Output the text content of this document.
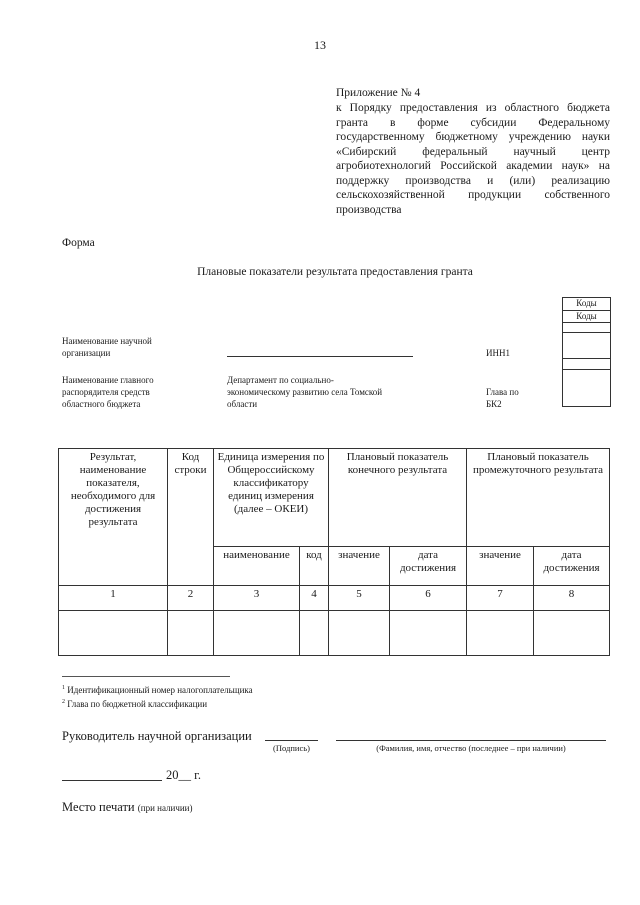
13
Приложение № 4
к Порядку предоставления из областного бюджета гранта в форме субсидии Федеральному государственному бюджетному учреждению науки «Сибирский федеральный научный центр агробиотехнологий Российской академии наук» на поддержку производства и (или) реализацию сельскохозяйственной продукции собственного производства
Форма
Плановые показатели результата предоставления гранта
Коды
Коды
Наименование научной
организации	ИНН1
Наименование главного
распорядителя средств
областного бюджета
Департамент по социально-
экономическому развитию села Томской
области
Глава по
БК2
Результат, наименование показателя, необходимого для достижения результата	Код строки	Единица измерения по Общероссийскому классификатору единиц измерения (далее – ОКЕИ)		Плановый показатель конечного результата		Плановый показатель промежуточного результата	
		наименование	код	значение	дата достижения	значение	дата достижения
1	2	3	4	5	6	7	8

$^1$ Идентификационный номер налогоплательщика
$^2$ Глава по бюджетной классификации
Руководитель научной организации
(Подпись)	(Фамилия, имя, отчество (последнее – при наличии)
20__ г.
Место печати (при наличии)
